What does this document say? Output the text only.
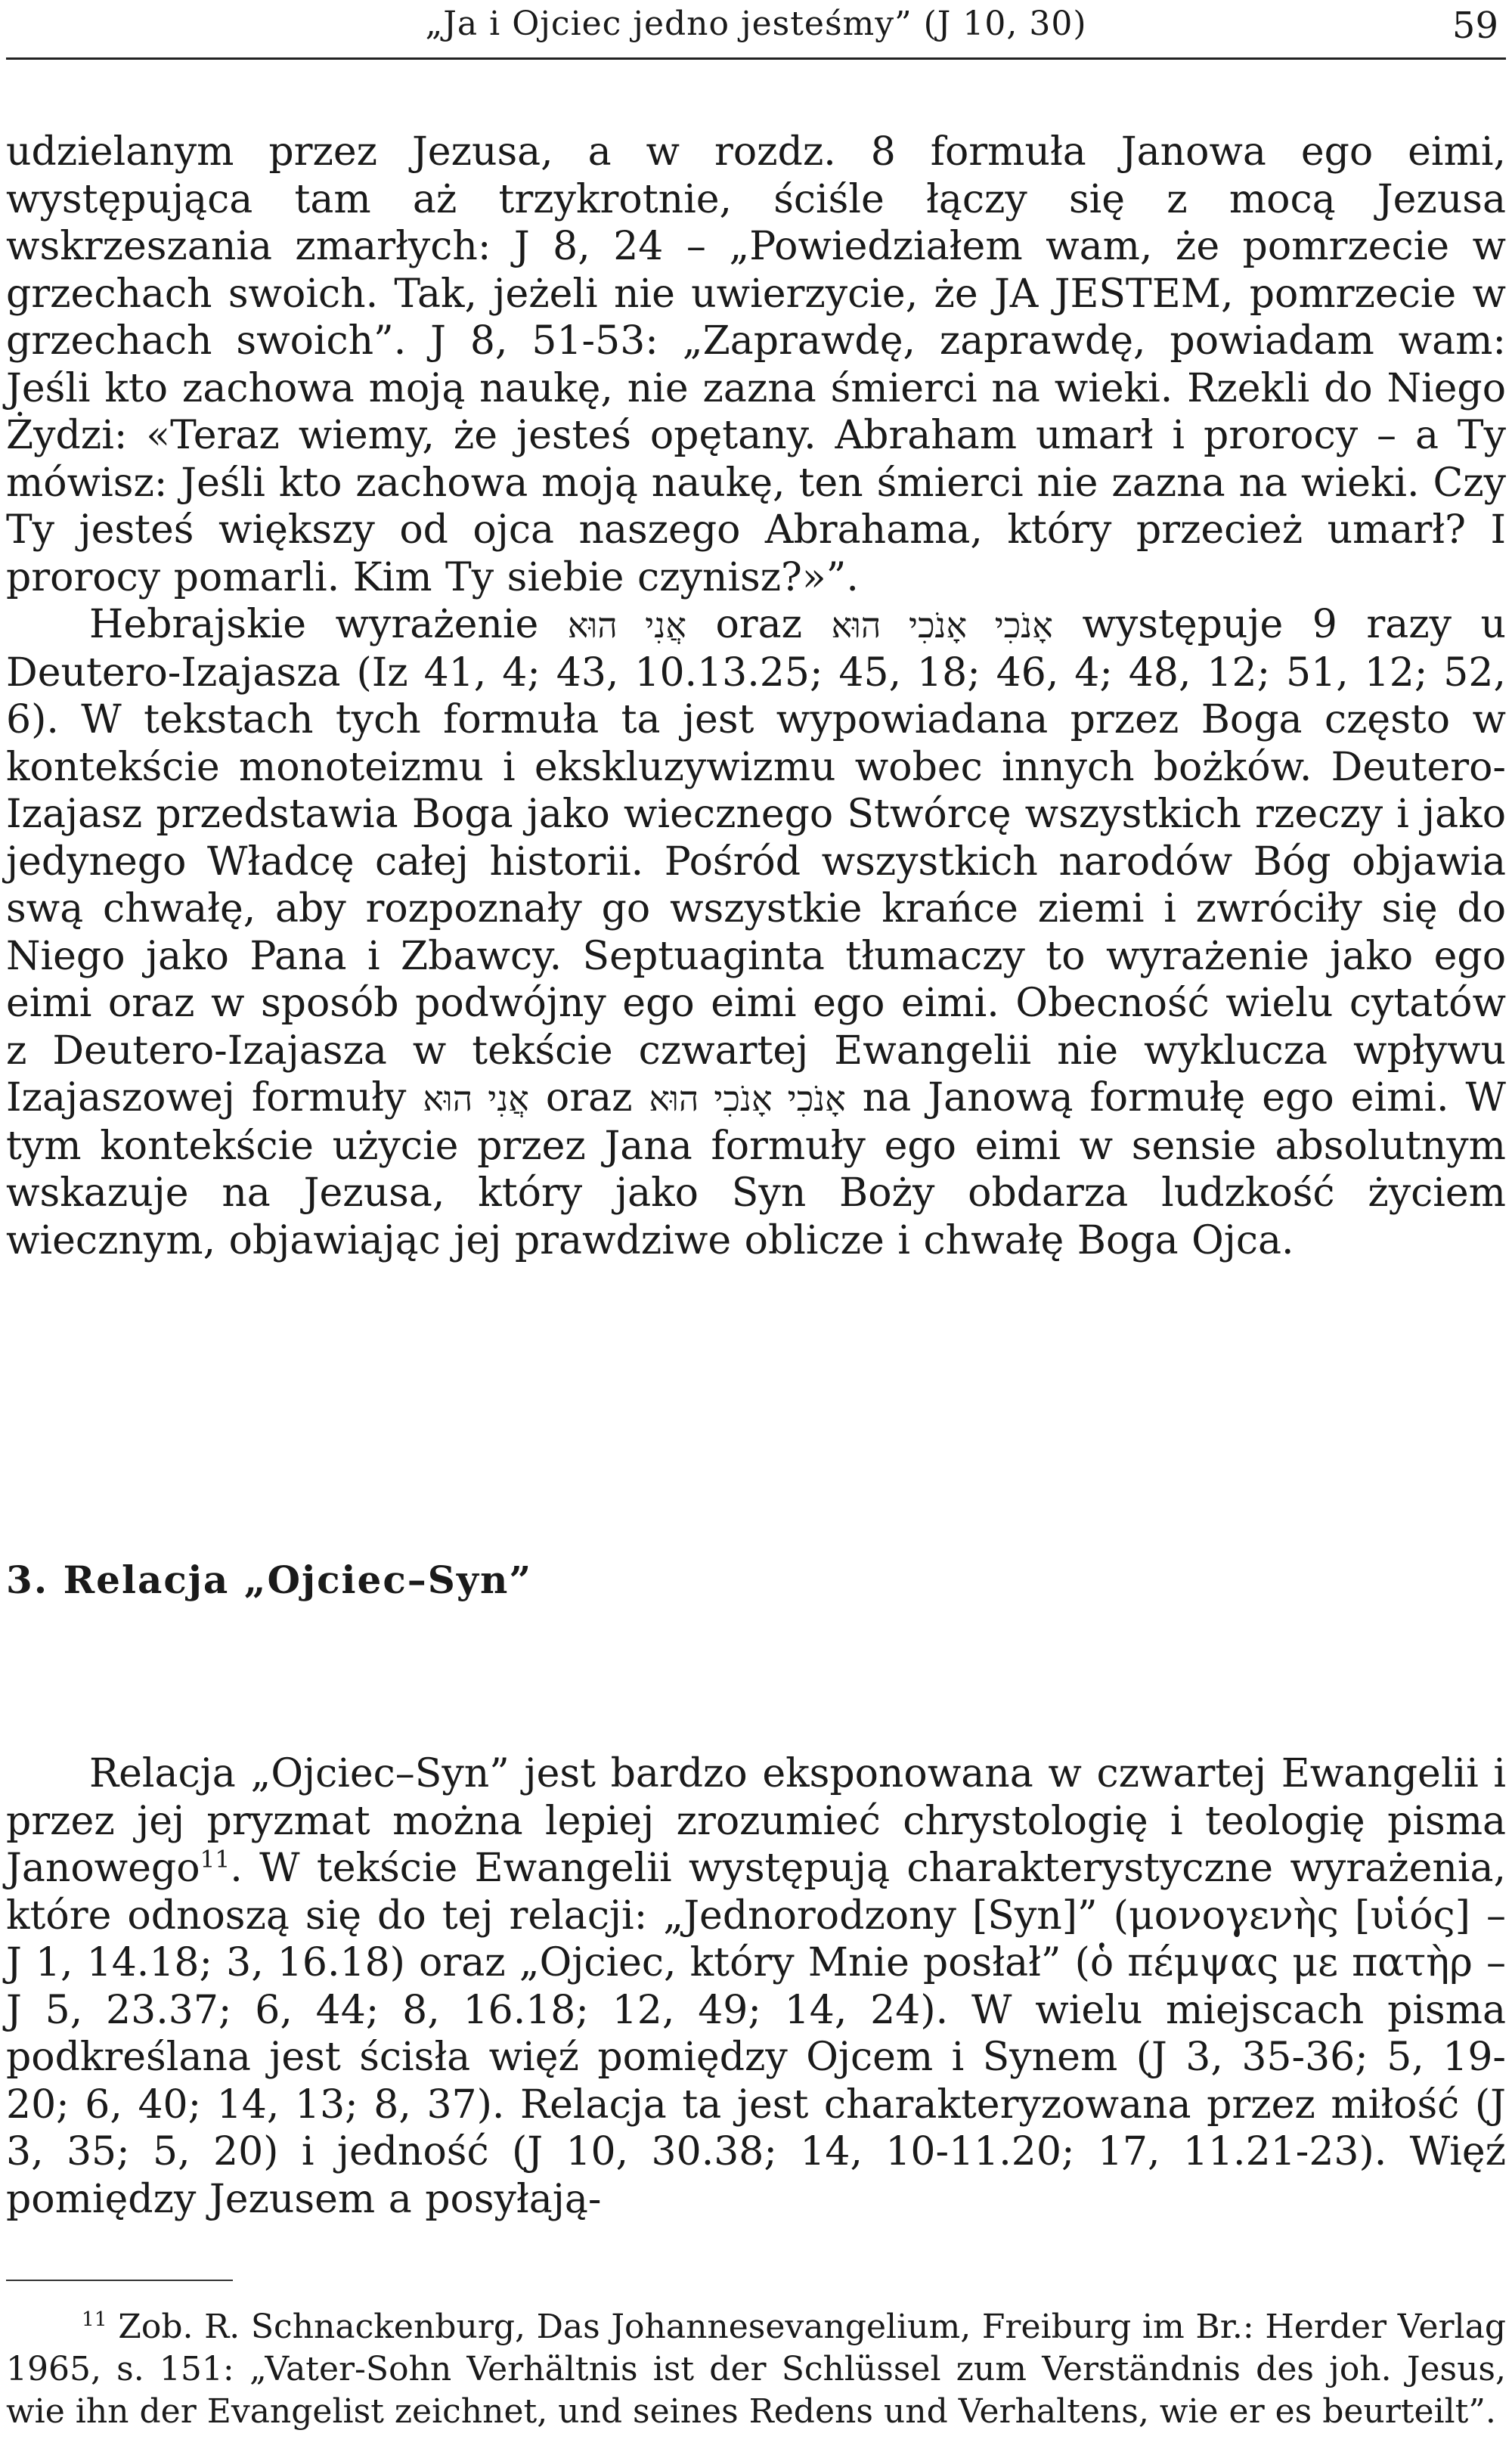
„Ja i Ojciec jedno jesteśmy” (J 10, 30)	59

udzielanym przez Jezusa, a w rozdz. 8 formuła Janowa ego eimi, występująca tam aż trzykrotnie, ściśle łączy się z mocą Jezusa wskrzeszania zmarłych: J 8, 24 – „Powiedziałem wam, że pomrzecie w grzechach swoich. Tak, jeżeli nie uwierzycie, że JA JESTEM, pomrzecie w grzechach swoich”. J 8, 51-53: „Zaprawdę, zaprawdę, powiadam wam: Jeśli kto zachowa moją naukę, nie zazna śmierci na wieki. Rzekli do Niego Żydzi: «Teraz wiemy, że jesteś opętany. Abraham umarł i prorocy – a Ty mówisz: Jeśli kto zachowa moją naukę, ten śmierci nie zazna na wieki. Czy Ty jesteś większy od ojca naszego Abrahama, który przecież umarł? I prorocy pomarli. Kim Ty siebie czynisz?»”.

Hebrajskie wyrażenie אֲנִי הוּא oraz אָנֹכִי אָנֹכִי הוּא występuje 9 razy u Deutero-Izajasza (Iz 41, 4; 43, 10.13.25; 45, 18; 46, 4; 48, 12; 51, 12; 52, 6). W tekstach tych formuła ta jest wypowiadana przez Boga często w kontekście monoteizmu i ekskluzywizmu wobec innych bożków. Deutero-Izajasz przedstawia Boga jako wiecznego Stwórcę wszystkich rzeczy i jako jedynego Władcę całej historii. Pośród wszystkich narodów Bóg objawia swą chwałę, aby rozpoznały go wszystkie krańce ziemi i zwróciły się do Niego jako Pana i Zbawcy. Septuaginta tłumaczy to wyrażenie jako ego eimi oraz w sposób podwójny ego eimi ego eimi. Obecność wielu cytatów z Deutero-Izajasza w tekście czwartej Ewangelii nie wyklucza wpływu Izajaszowej formuły אֲנִי הוּא oraz אָנֹכִי אָנֹכִי הוּא na Janową formułę ego eimi. W tym kontekście użycie przez Jana formuły ego eimi w sensie absolutnym wskazuje na Jezusa, który jako Syn Boży obdarza ludzkość życiem wiecznym, objawiając jej prawdziwe oblicze i chwałę Boga Ojca.

3. Relacja „Ojciec–Syn”

Relacja „Ojciec–Syn” jest bardzo eksponowana w czwartej Ewangelii i przez jej pryzmat można lepiej zrozumieć chrystologię i teologię pisma Janowego$^{11}$. W tekście Ewangelii występują charakterystyczne wyrażenia, które odnoszą się do tej relacji: „Jednorodzony [Syn]” (μονογενὴς [υἱός] – J 1, 14.18; 3, 16.18) oraz „Ojciec, który Mnie posłał” (ὁ πέμψας με πατὴρ – J 5, 23.37; 6, 44; 8, 16.18; 12, 49; 14, 24). W wielu miejscach pisma podkreślana jest ścisła więź pomiędzy Ojcem i Synem (J 3, 35-36; 5, 19-20; 6, 40; 14, 13; 8, 37). Relacja ta jest charakteryzowana przez miłość (J 3, 35; 5, 20) i jedność (J 10, 30.38; 14, 10-11.20; 17, 11.21-23). Więź pomiędzy Jezusem a posyłają-

$^{11}$ Zob. R. Schnackenburg, Das Johannesevangelium, Freiburg im Br.: Herder Verlag 1965, s. 151: „Vater-Sohn Verhältnis ist der Schlüssel zum Verständnis des joh. Jesus, wie ihn der Evangelist zeichnet, und seines Redens und Verhaltens, wie er es beurteilt”.
